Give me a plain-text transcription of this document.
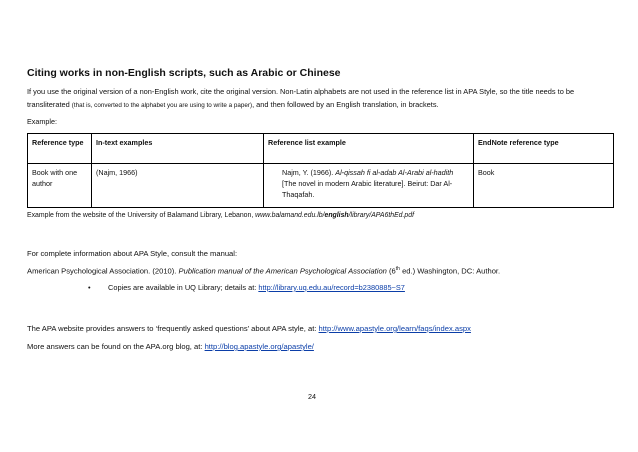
Citing works in non-English scripts, such as Arabic or Chinese
If you use the original version of a non-English work, cite the original version. Non-Latin alphabets are not used in the reference list in APA Style, so the title needs to be transliterated (that is, converted to the alphabet you are using to write a paper), and then followed by an English translation, in brackets.
Example:
Reference type	In-text examples	Reference list example	EndNote reference type
Book with one author	(Najm, 1966)	Najm, Y. (1966). Al-qissah fi al-adab Al-Arabi al-hadith [The novel in modern Arabic literature]. Beirut: Dar Al-Thaqafah.	Book
Example from the website of the University of Balamand Library, Lebanon, www.balamand.edu.lb/english/library/APA6thEd.pdf
For complete information about APA Style, consult the manual:
American Psychological Association. (2010). Publication manual of the American Psychological Association (6th ed.) Washington, DC: Author.
• Copies are available in UQ Library; details at: http://library.uq.edu.au/record=b2380885~S7
The APA website provides answers to ‘frequently asked questions’ about APA style, at: http://www.apastyle.org/learn/faqs/index.aspx
More answers can be found on the APA.org blog, at: http://blog.apastyle.org/apastyle/
24
